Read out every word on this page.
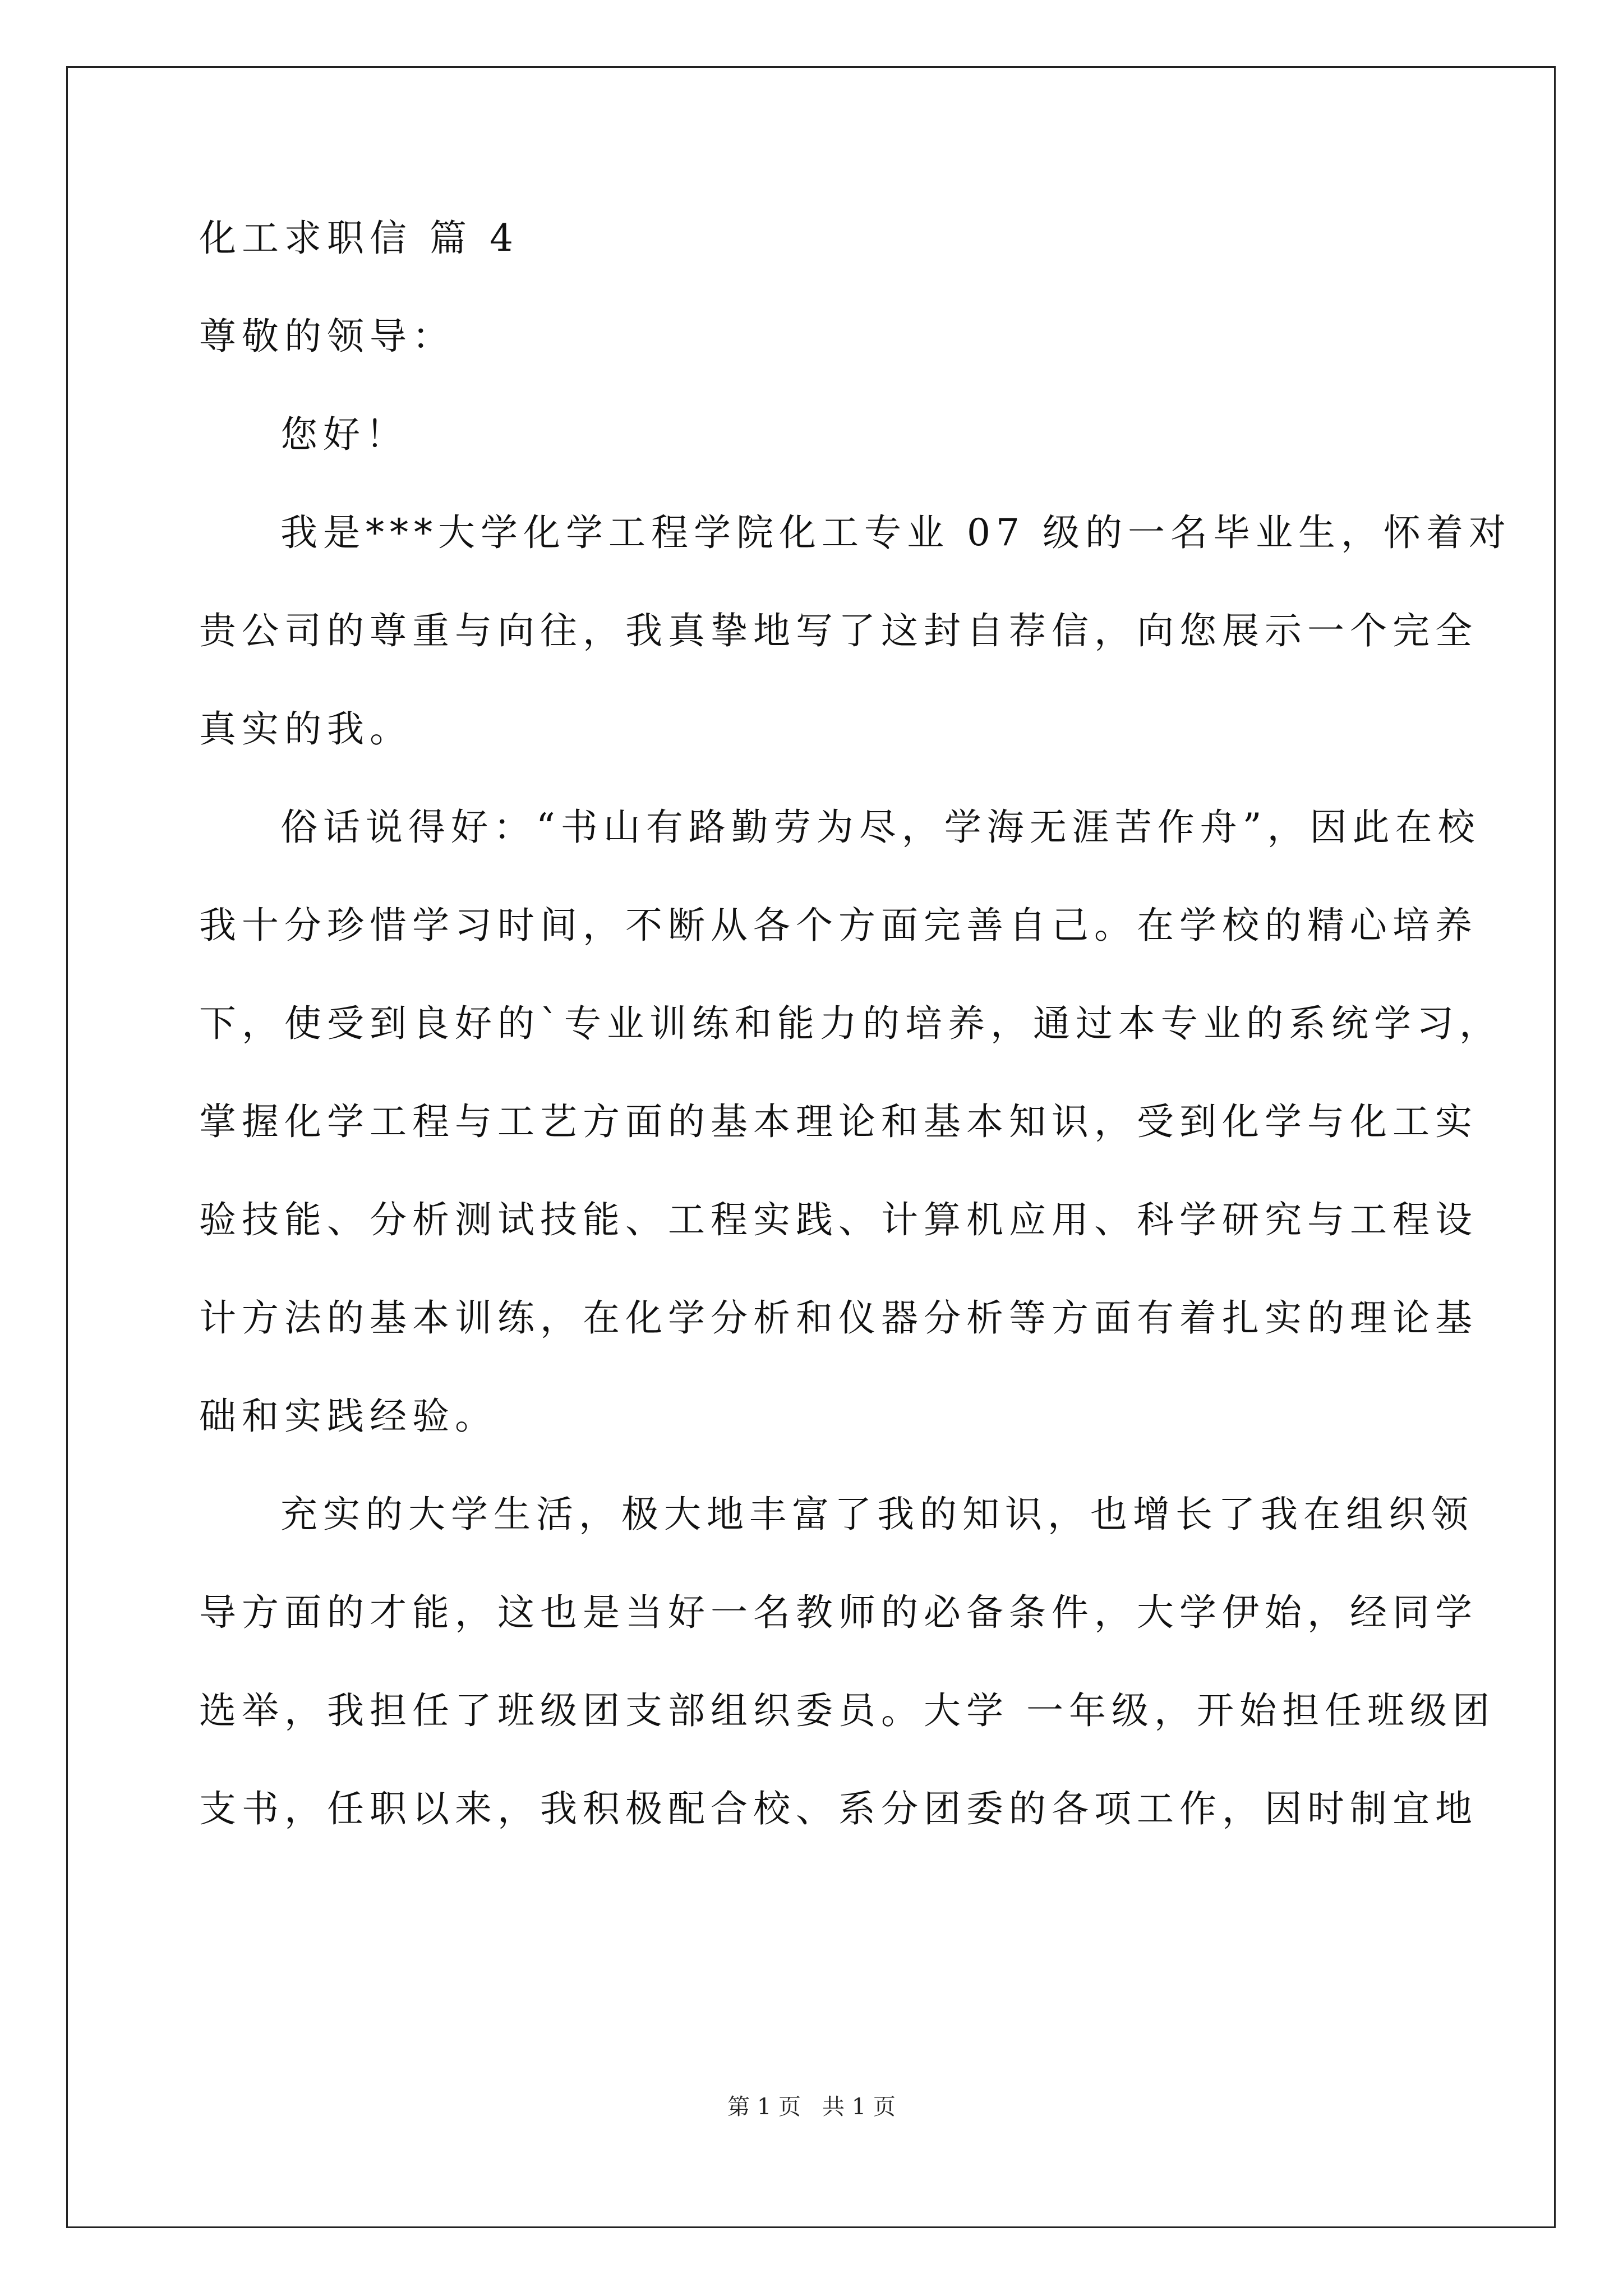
化工求职信 篇 4
尊敬的领导：
您好！
我是***大学化学工程学院化工专业 07 级的一名毕业生，怀着对
贵公司的尊重与向往，我真挚地写了这封自荐信，向您展示一个完全
真实的我。
俗话说得好：“书山有路勤劳为尽，学海无涯苦作舟”，因此在校
我十分珍惜学习时间，不断从各个方面完善自己。在学校的精心培养
下，使受到良好的`专业训练和能力的培养，通过本专业的系统学习，
掌握化学工程与工艺方面的基本理论和基本知识，受到化学与化工实
验技能、分析测试技能、工程实践、计算机应用、科学研究与工程设
计方法的基本训练，在化学分析和仪器分析等方面有着扎实的理论基
础和实践经验。
充实的大学生活，极大地丰富了我的知识，也增长了我在组织领
导方面的才能，这也是当好一名教师的必备条件，大学伊始，经同学
选举，我担任了班级团支部组织委员。大学 一年级，开始担任班级团
支书，任职以来，我积极配合校、系分团委的各项工作，因时制宜地
第 1 页 共 1 页
